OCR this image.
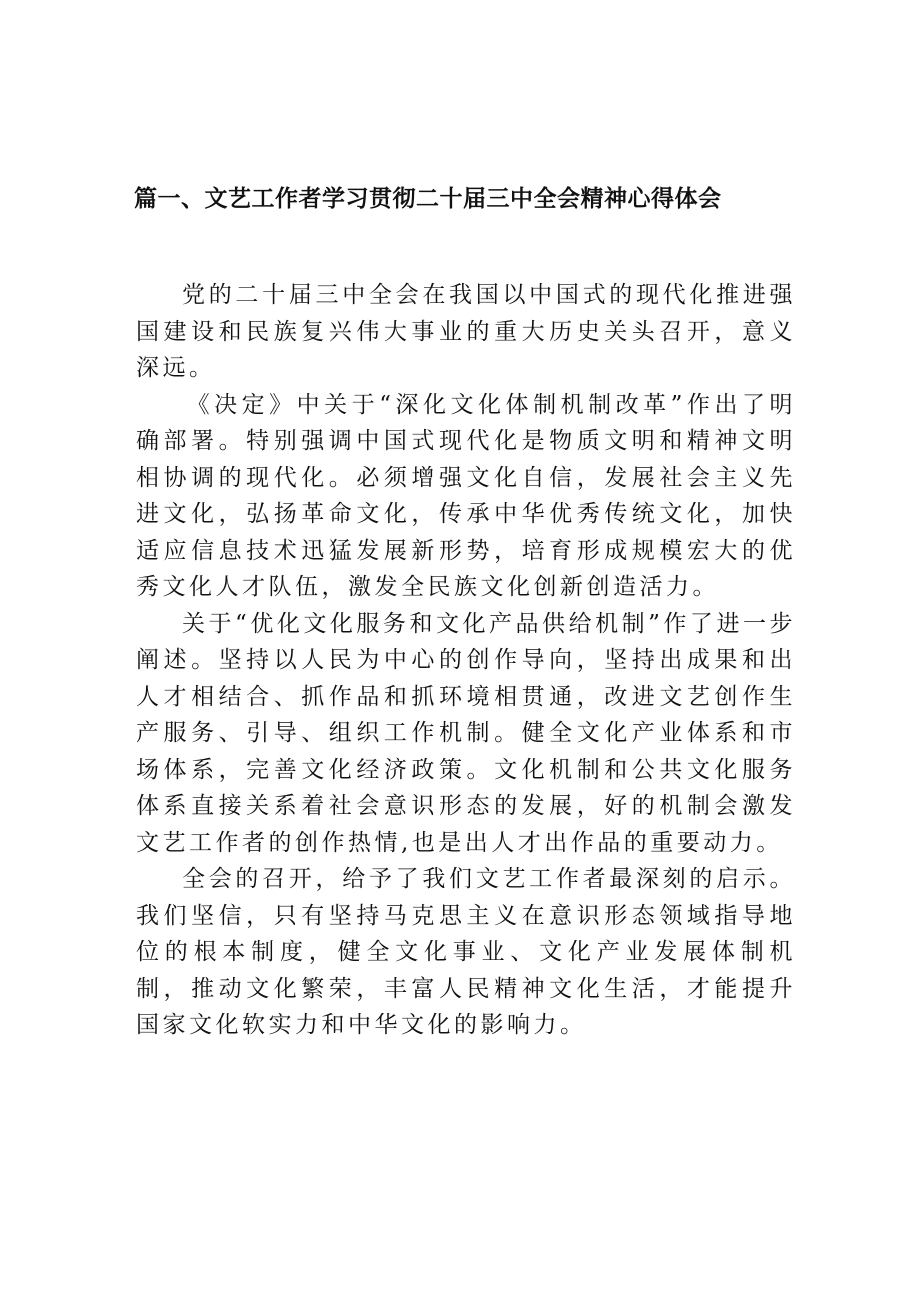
篇一、文艺工作者学习贯彻二十届三中全会精神心得体会

党的二十届三中全会在我国以中国式的现代化推进强国建设和民族复兴伟大事业的重大历史关头召开，意义深远。

《决定》中关于“深化文化体制机制改革”作出了明确部署。特别强调中国式现代化是物质文明和精神文明相协调的现代化。必须增强文化自信，发展社会主义先进文化，弘扬革命文化，传承中华优秀传统文化，加快适应信息技术迅猛发展新形势，培育形成规模宏大的优秀文化人才队伍，激发全民族文化创新创造活力。

关于“优化文化服务和文化产品供给机制”作了进一步阐述。坚持以人民为中心的创作导向，坚持出成果和出人才相结合、抓作品和抓环境相贯通，改进文艺创作生产服务、引导、组织工作机制。健全文化产业体系和市场体系，完善文化经济政策。文化机制和公共文化服务体系直接关系着社会意识形态的发展，好的机制会激发文艺工作者的创作热情,也是出人才出作品的重要动力。

全会的召开，给予了我们文艺工作者最深刻的启示。我们坚信，只有坚持马克思主义在意识形态领域指导地位的根本制度，健全文化事业、文化产业发展体制机制，推动文化繁荣，丰富人民精神文化生活，才能提升国家文化软实力和中华文化的影响力。
